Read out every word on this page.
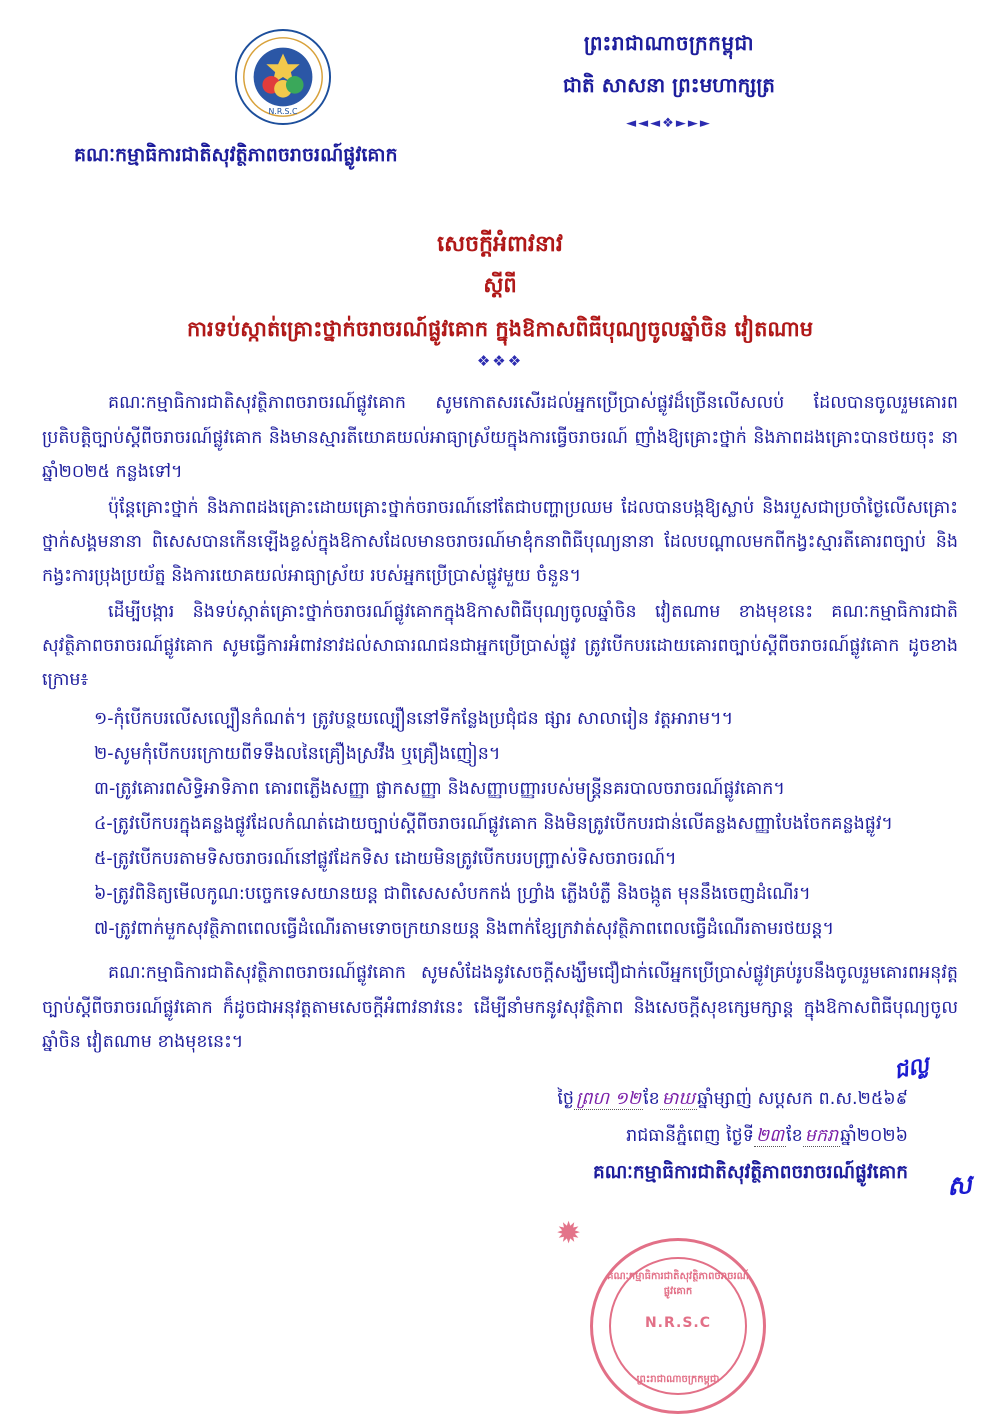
N.R.S.C
ព្រះរាជាណាចក្រកម្ពុជា
ជាតិ សាសនា ព្រះមហាក្សត្រ
◄◄◄❖►►►
គណៈកម្មាធិការជាតិសុវត្ថិភាពចរាចរណ៍ផ្លូវគោក
សេចក្តីអំពាវនាវ
ស្តីពី
ការទប់ស្កាត់គ្រោះថ្នាក់ចរាចរណ៍ផ្លូវគោក ក្នុងឱកាសពិធីបុណ្យចូលឆ្នាំចិន វៀតណាម
❖❖❖

គណៈកម្មាធិការជាតិសុវត្ថិភាពចរាចរណ៍ផ្លូវគោក សូមកោតសរសើរដល់អ្នកប្រើប្រាស់ផ្លូវដ៏ច្រើនលើសលប់ ដែលបានចូលរួមគោរពប្រតិបត្តិច្បាប់ស្តីពីចរាចរណ៍ផ្លូវគោក និងមានស្មារតីយោគយល់អាធ្យាស្រ័យក្នុងការធ្វើចរាចរណ៍ ញាំងឱ្យគ្រោះថ្នាក់ និងភាពដងគ្រោះបានថយចុះ នាឆ្នាំ២០២៥ កន្លងទៅ។

ប៉ុន្តែគ្រោះថ្នាក់ និងភាពដងគ្រោះដោយគ្រោះថ្នាក់ចរាចរណ៍នៅតែជាបញ្ហាប្រឈម ដែលបានបង្កឱ្យស្លាប់ និងរបួសជាប្រចាំថ្ងៃលើសគ្រោះថ្នាក់សង្គមនានា ពិសេសបានកើនឡើងខ្លស់ក្នុងឱកាសដែលមានចរាចរណ៍មាឌុំកនាពិធីបុណ្យនានា ដែលបណ្ដាលមកពីកង្វះស្មារតីគោរពច្បាប់ និងកង្វះការប្រុងប្រយ័ត្ន និងការយោគយល់អាធ្យាស្រ័យ របស់អ្នកប្រើប្រាស់ផ្លូវមួយ ចំនួន។

ដើម្បីបង្ការ និងទប់ស្កាត់គ្រោះថ្នាក់ចរាចរណ៍ផ្លូវគោកក្នុងឱកាសពិធីបុណ្យចូលឆ្នាំចិន វៀតណាម ខាងមុខនេះ គណៈកម្មាធិការជាតិសុវត្ថិភាពចរាចរណ៍ផ្លូវគោក សូមធ្វើការអំពាវនាវដល់សាធារណជនជាអ្នកប្រើប្រាស់ផ្លូវ ត្រូវបើកបរដោយគោរពច្បាប់ស្តីពីចរាចរណ៍ផ្លូវគោក ដូចខាងក្រោម៖

១-កុំបើកបរលើសល្បឿនកំណត់។ ត្រូវបន្ថយល្បឿននៅទីកន្លែងប្រជុំជន ផ្សារ សាលារៀន វត្តអារាម។។

២-សូមកុំបើកបរក្រោយពីទទឹងលនៃគ្រឿងស្រវឹង ឬគ្រឿងញៀន។

៣-ត្រូវគោរពសិទ្ធិអាទិភាព គោរពភ្លើងសញ្ញា ផ្លាកសញ្ញា និងសញ្ញាបញ្ញារបស់មន្ត្រីនគរបាលចរាចរណ៍ផ្លូវគោក។

៤-ត្រូវបើកបរក្នុងគន្លងផ្លូវដែលកំណត់ដោយច្បាប់ស្តីពីចរាចរណ៍ផ្លូវគោក និងមិនត្រូវបើកបរជាន់លើគន្លងសញ្ញាបែងចែកគន្លងផ្លូវ។

៥-ត្រូវបើកបរតាមទិសចរាចរណ៍នៅផ្លូវដែកទិស ដោយមិនត្រូវបើកបរបញ្ច្រាស់ទិសចរាចរណ៍។

៦-ត្រូវពិនិត្យមើលកូណ:បច្ចេកទេសយានយន្ត ជាពិសេសសំបកកង់ ហ្វ្រាំង ភ្លើងបំភ្លឺ និងចង្កូត មុននឹងចេញដំណើរ។

៧-ត្រូវពាក់មួកសុវត្ថិភាពពេលធ្វើដំណើរតាមទោចក្រយានយន្ត និងពាក់ខ្សែក្រវាត់សុវត្ថិភាពពេលធ្វើដំណើរតាមរថយន្ត។

គណៈកម្មាធិការជាតិសុវត្ថិភាពចរាចរណ៍ផ្លូវគោក សូមសំដែងនូវសេចក្តីសង្ឃឹមជឿជាក់លើអ្នកប្រើប្រាស់ផ្លូវគ្រប់រូបនឹងចូលរួមគោរពអនុវត្តច្បាប់ស្តីពីចរាចរណ៍ផ្លូវគោក ក៏ដូចជាអនុវត្តតាមសេចក្តីអំពាវនាវនេះ ដើម្បីនាំមកនូវសុវត្ថិភាព និងសេចក្តីសុខក្សេមក្សាន្ត ក្នុងឱកាសពិធីបុណ្យចូលឆ្នាំចិន វៀតណាម ខាងមុខនេះ។

ជល្ល
ថ្ងៃ ព្រហ ១២ ខែ មាឃ ឆ្នាំម្សាញ់ សប្តសក ព.ស.២៥៦៩
រាជធានីភ្នំពេញ ថ្ងៃទី ២៣ ខែ មករា ឆ្នាំ២០២៦
គណៈកម្មាធិការជាតិសុវត្ថិភាពចរាចរណ៍ផ្លូវគោក ស
✹
គណៈកម្មាធិការជាតិសុវត្ថិភាពចរាចរណ៍ផ្លូវគោក
N.R.S.C
ព្រះរាជាណាចក្រកម្ពុជា
